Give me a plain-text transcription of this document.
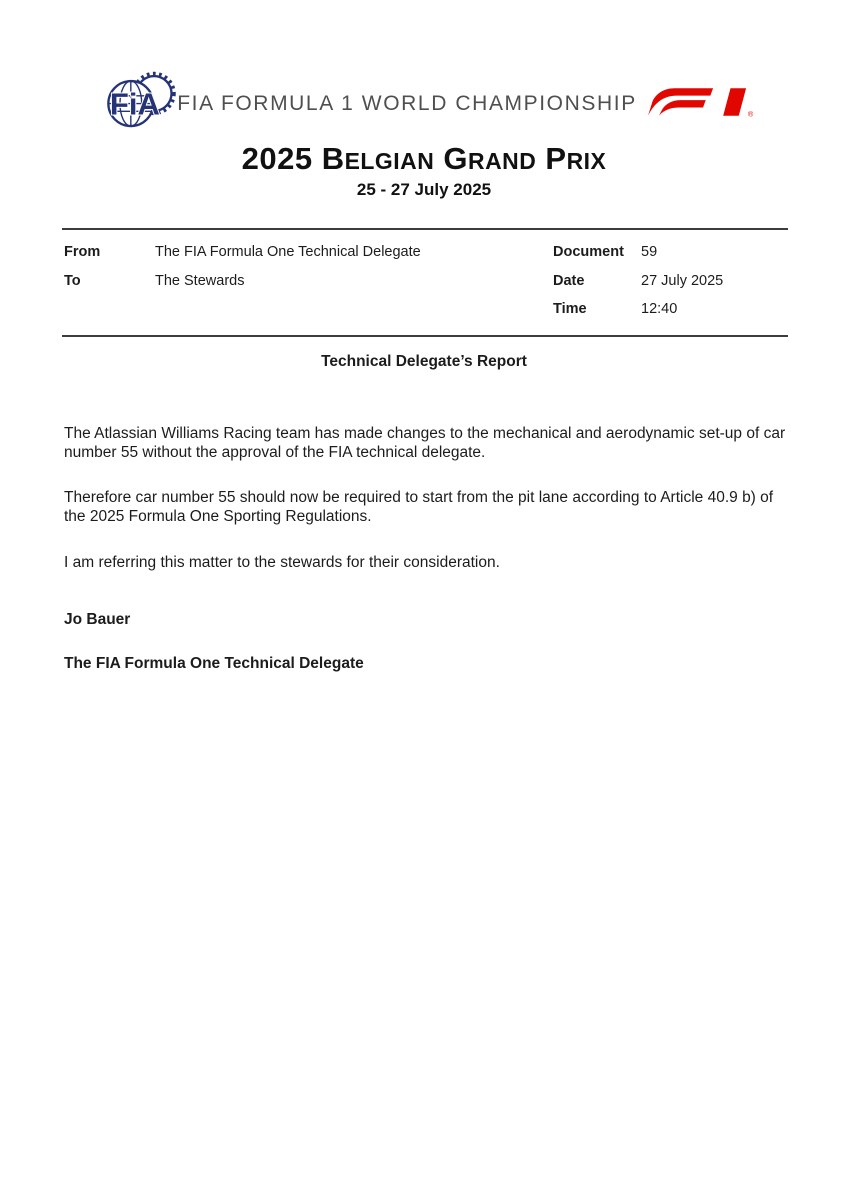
FiA FIA FORMULA 1 WORLD CHAMPIONSHIP	®
2025 BELGIAN GRAND PRIX
25 - 27 July 2025
From	The FIA Formula One Technical Delegate	Document	59
To	The Stewards	Date	27 July 2025
Time	12:40
Technical Delegate’s Report

The Atlassian Williams Racing team has made changes to the mechanical and aerodynamic set-up of car number 55 without the approval of the FIA technical delegate.

Therefore car number 55 should now be required to start from the pit lane according to Article 40.9 b) of the 2025 Formula One Sporting Regulations.

I am referring this matter to the stewards for their consideration.

Jo Bauer
The FIA Formula One Technical Delegate
